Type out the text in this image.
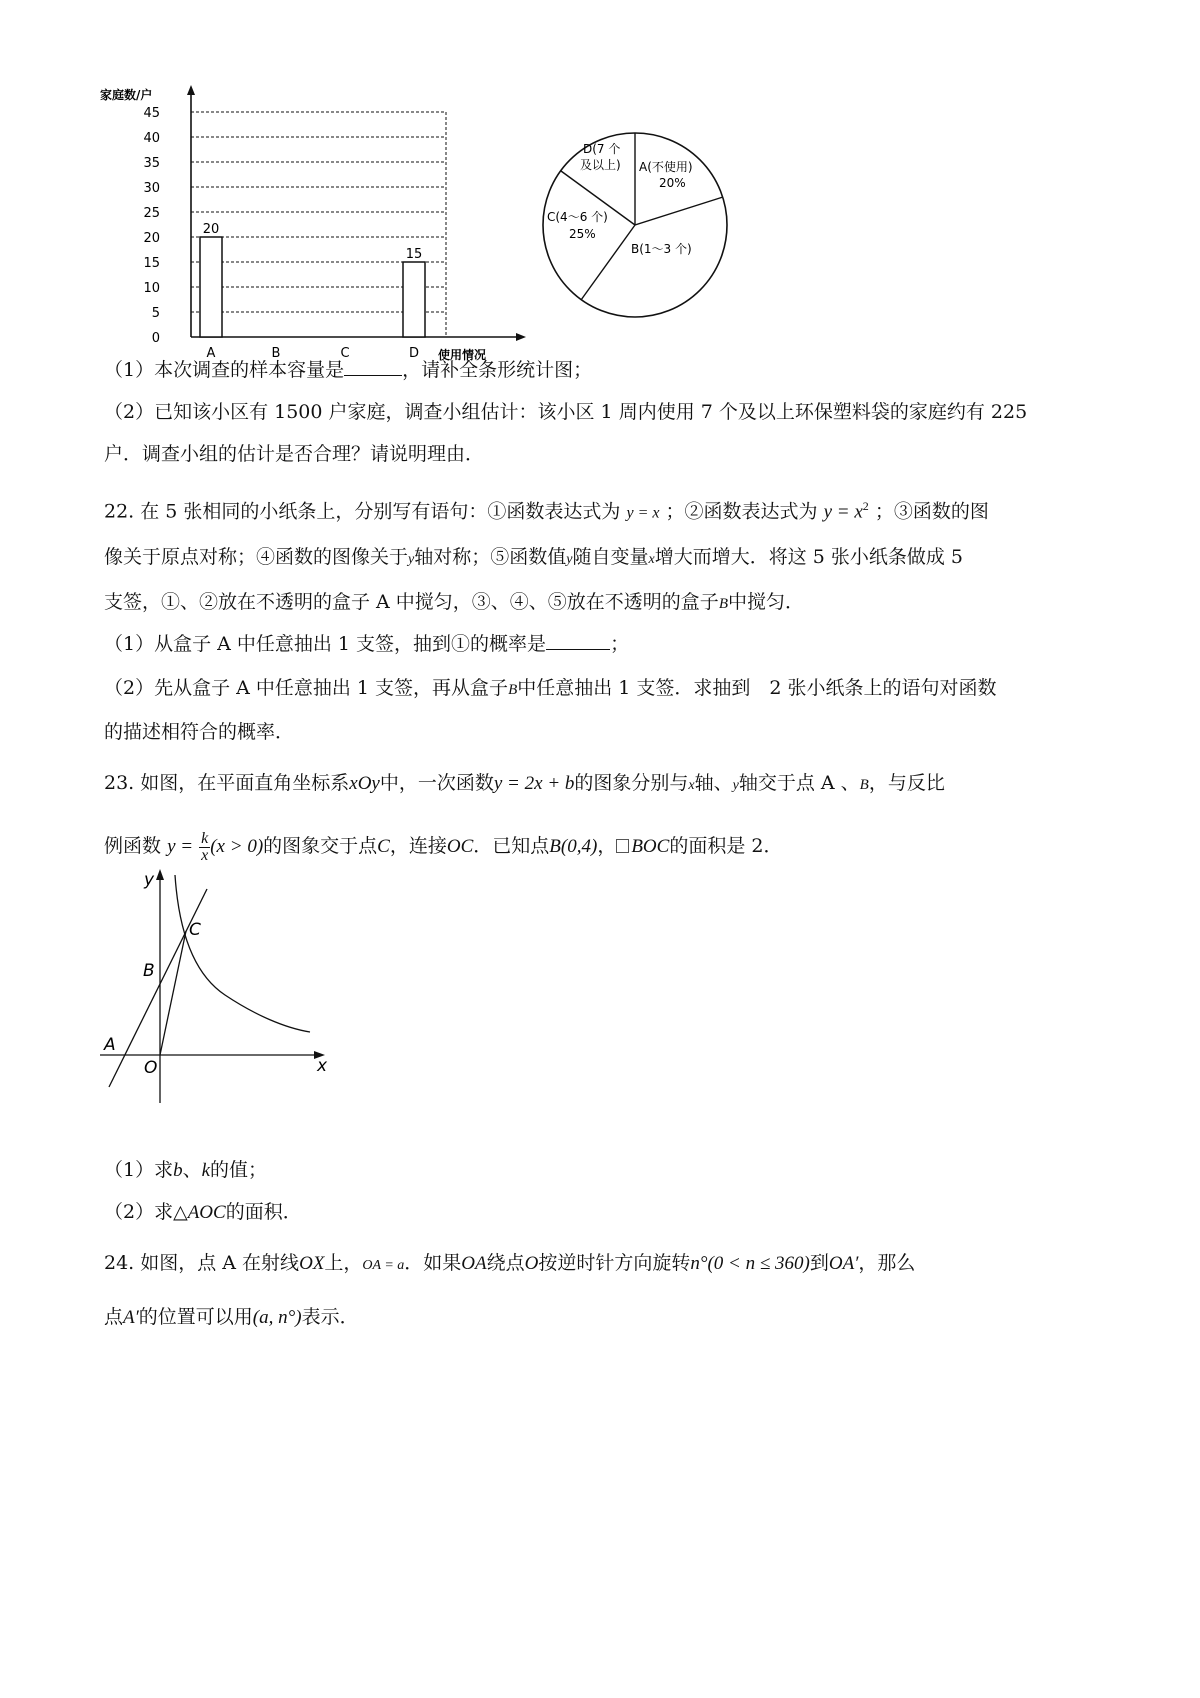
家庭数/户
使用情况
0
5
10
15
20
25
30
35
40
45
20
15
A	B	C	D
D(7 个
及以上) A(不使用)
20%
C(4～6 个)
25%
B(1～3 个)
（1）本次调查的样本容量是	，请补全条形统计图；
（2）已知该小区有 1500 户家庭，调查小组估计：该小区 1 周内使用 7 个及以上环保塑料袋的家庭约有 225
户．调查小组的估计是否合理？请说明理由．
22. 在 5 张相同的小纸条上，分别写有语句：①函数表达式为 y = x ；②函数表达式为 $y = x^2$ ；③函数的图
像关于原点对称；④函数的图像关于y轴对称；⑤函数值y随自变量x增大而增大．将这 5 张小纸条做成 5
支签，①、②放在不透明的盒子 A 中搅匀，③、④、⑤放在不透明的盒子B中搅匀．
（1）从盒子 A 中任意抽出 1 支签，抽到①的概率是	；
（2）先从盒子 A 中任意抽出 1 支签，再从盒子B中任意抽出 1 支签．求抽到　2 张小纸条上的语句对函数
的描述相符合的概率．
23. 如图，在平面直角坐标系xOy中，一次函数y = 2x + b的图象分别与x轴、y轴交于点 A 、B，与反比
例函数 $y = \frac{k}{x} (x > 0)$的图象交于点C，连接OC．已知点B(0,4)， BOC的面积是 2．
y
x
O
A
B
C
（1）求b、k的值；
（2）求△AOC的面积．
24. 如图，点 A 在射线OX上，OA = a．如果OA绕点O按逆时针方向旋转n°(0 < n ≤ 360)到OA′，那么
点A′的位置可以用(a, n°)表示．
